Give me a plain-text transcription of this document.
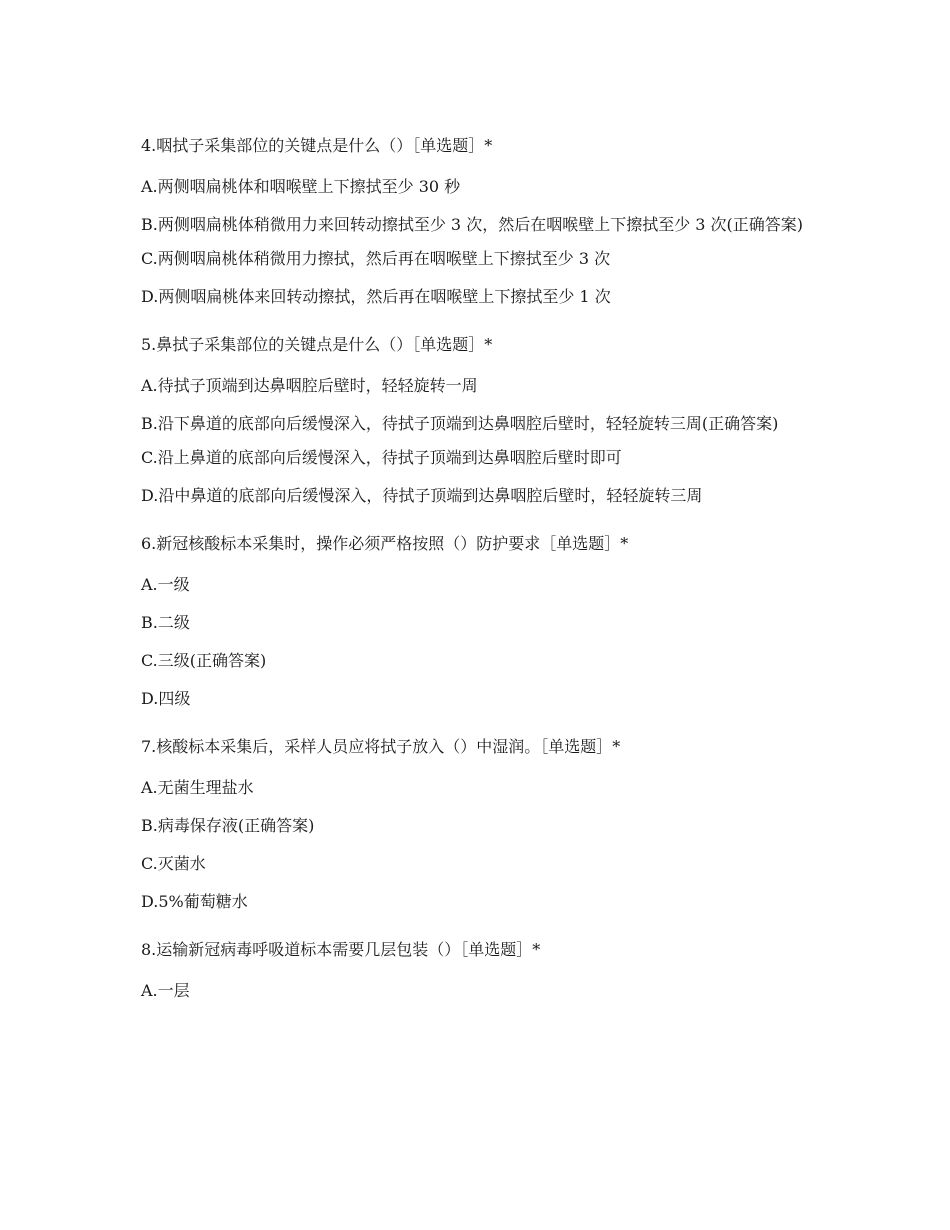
4.咽拭子采集部位的关键点是什么（）［单选题］*
A.两侧咽扁桃体和咽喉壁上下擦拭至少 30 秒
B.两侧咽扁桃体稍微用力来回转动擦拭至少 3 次，然后在咽喉壁上下擦拭至少 3 次(正确答案)
C.两侧咽扁桃体稍微用力擦拭，然后再在咽喉壁上下擦拭至少 3 次
D.两侧咽扁桃体来回转动擦拭，然后再在咽喉壁上下擦拭至少 1 次
5.鼻拭子采集部位的关键点是什么（）［单选题］*
A.待拭子顶端到达鼻咽腔后壁时，轻轻旋转一周
B.沿下鼻道的底部向后缓慢深入，待拭子顶端到达鼻咽腔后壁时，轻轻旋转三周(正确答案)
C.沿上鼻道的底部向后缓慢深入，待拭子顶端到达鼻咽腔后壁时即可
D.沿中鼻道的底部向后缓慢深入，待拭子顶端到达鼻咽腔后壁时，轻轻旋转三周
6.新冠核酸标本采集时，操作必须严格按照（）防护要求［单选题］*
A.一级
B.二级
C.三级(正确答案)
D.四级
7.核酸标本采集后，采样人员应将拭子放入（）中湿润。［单选题］*
A.无菌生理盐水
B.病毒保存液(正确答案)
C.灭菌水
D.5%葡萄糖水
8.运输新冠病毒呼吸道标本需要几层包装（）［单选题］*
A.一层
